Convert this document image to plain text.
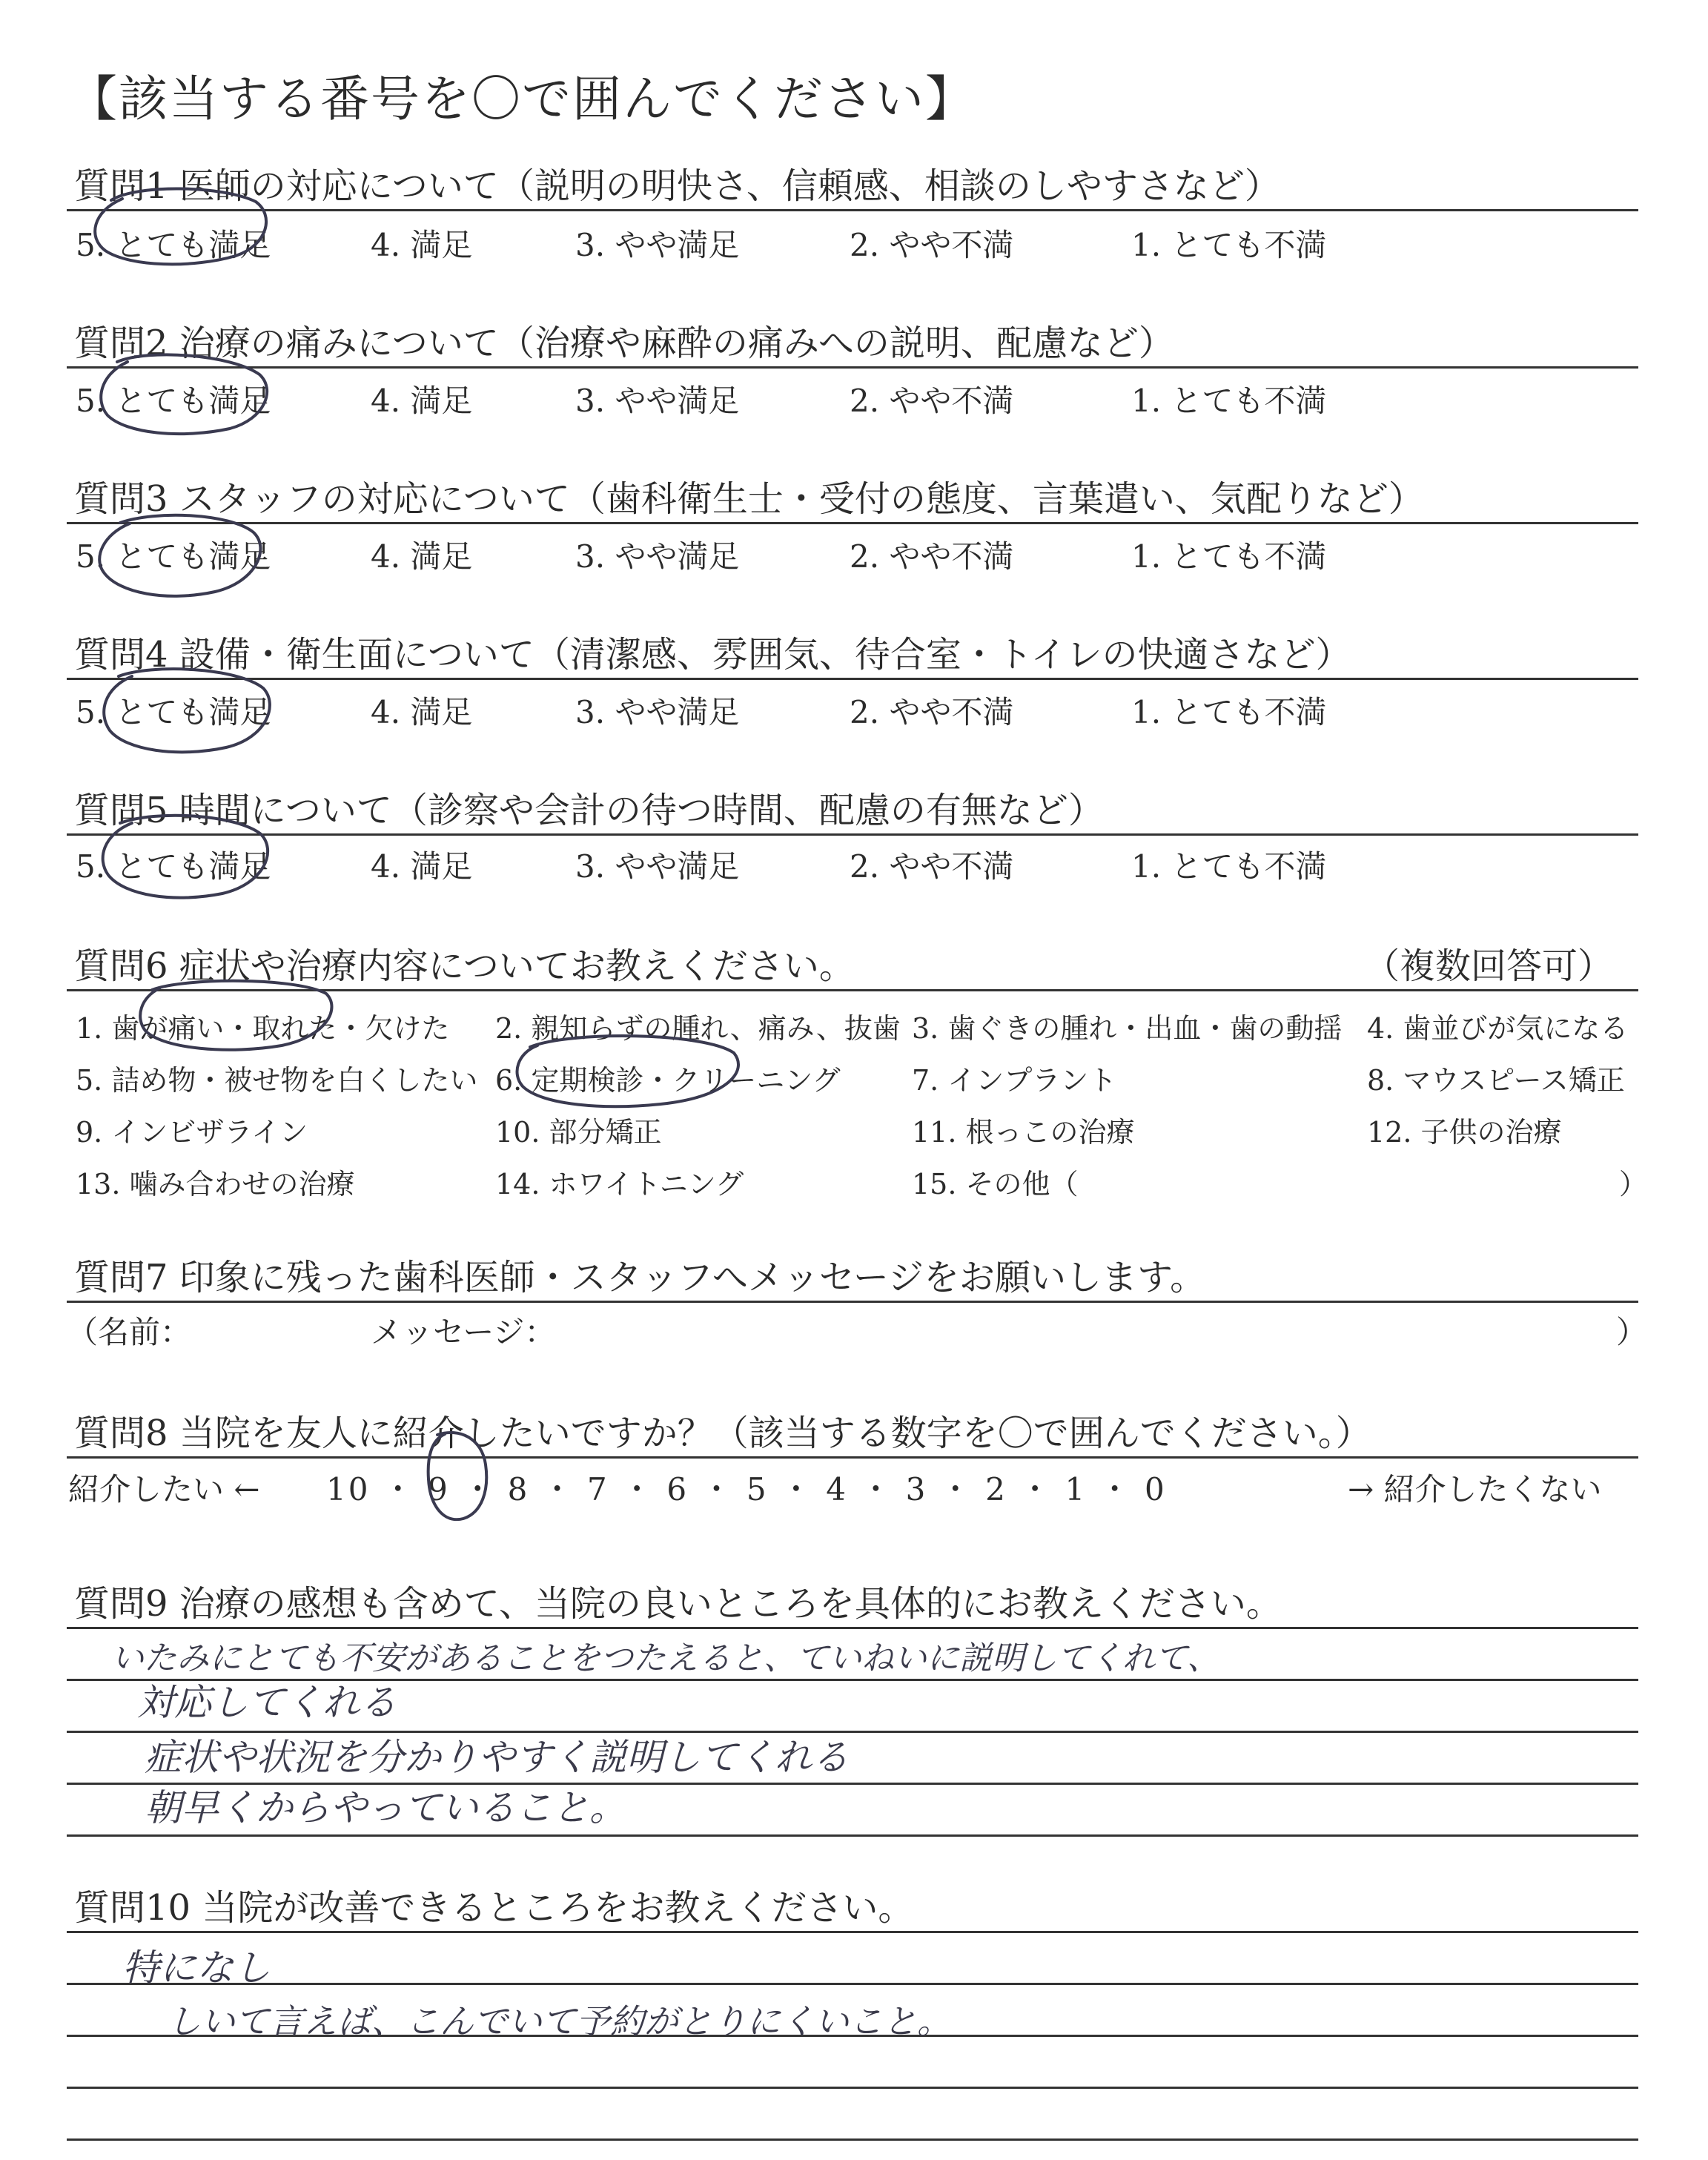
【該当する番号を〇で囲んでください】
質問1 医師の対応について（説明の明快さ、信頼感、相談のしやすさなど）
5. とても満足	4. 満足	3. やや満足	2. やや不満	1. とても不満
質問2 治療の痛みについて（治療や麻酔の痛みへの説明、配慮など）
5. とても満足	4. 満足	3. やや満足	2. やや不満	1. とても不満
質問3 スタッフの対応について（歯科衛生士・受付の態度、言葉遣い、気配りなど）
5. とても満足	4. 満足	3. やや満足	2. やや不満	1. とても不満
質問4 設備・衛生面について（清潔感、雰囲気、待合室・トイレの快適さなど）
5. とても満足	4. 満足	3. やや満足	2. やや不満	1. とても不満
質問5 時間について（診察や会計の待つ時間、配慮の有無など）
5. とても満足	4. 満足	3. やや満足	2. やや不満	1. とても不満
質問6 症状や治療内容についてお教えください。	（複数回答可）
1. 歯が痛い・取れた・欠けた 2. 親知らずの腫れ、痛み、抜歯 3. 歯ぐきの腫れ・出血・歯の動揺 4. 歯並びが気になる
5. 詰め物・被せ物を白くしたい 6. 定期検診・クリーニング	7. インプラント	8. マウスピース矯正
9. インビザライン	10. 部分矯正	11. 根っこの治療	12. 子供の治療
13. 噛み合わせの治療	14. ホワイトニング	15. その他（	）
質問7 印象に残った歯科医師・スタッフへメッセージをお願いします。
（名前：	メッセージ：	）
質問8 当院を友人に紹介したいですか？（該当する数字を〇で囲んでください。）
紹介したい ← 10 ・ 9 ・ 8 ・ 7 ・ 6 ・ 5 ・ 4 ・ 3 ・ 2 ・ 1 ・ 0	→ 紹介したくない
質問9 治療の感想も含めて、当院の良いところを具体的にお教えください。
いたみにとても不安があることをつたえると、ていねいに説明してくれて、
対応してくれる
症状や状況を分かりやすく説明してくれる
朝早くからやっていること。
質問10 当院が改善できるところをお教えください。
特になし
しいて言えば、こんでいて予約がとりにくいこと。
